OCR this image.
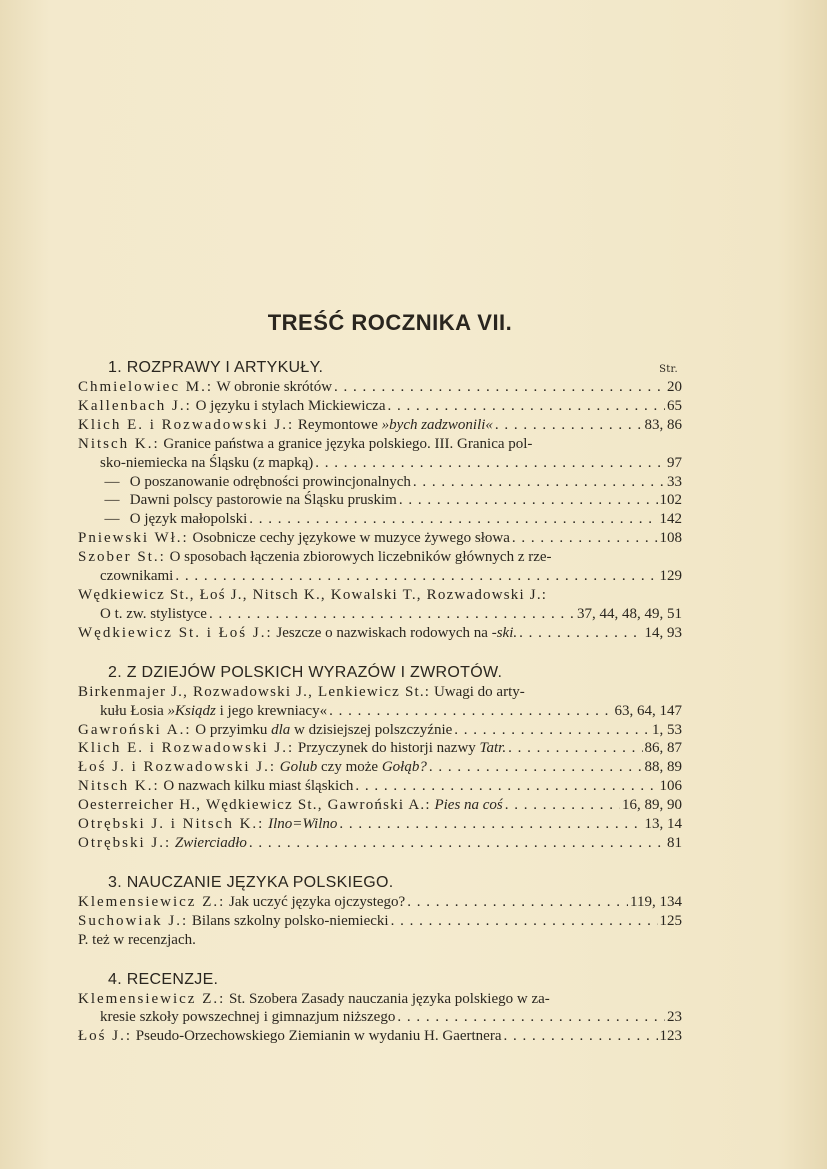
TREŚĆ ROCZNIKA VII.
1. ROZPRAWY I ARTYKUŁY.	Str.
Chmielowiec M.: W obronie skrótów . . .	20
Kallenbach J.: O języku i stylach Mickiewicza . . .	65
Klich E. i Rozwadowski J.: Reymontowe »bych zadzwonili« . . .	83, 86
Nitsch K.: Granice państwa a granice języka polskiego. III. Granica pol-
sko-niemiecka na Śląsku (z mapką) . . .	97
— O poszanowanie odrębności prowincjonalnych . . .	33
— Dawni polscy pastorowie na Śląsku pruskim . . .	102
— O język małopolski . . .	142
Pniewski Wł.: Osobnicze cechy językowe w muzyce żywego słowa . . .	108
Szober St.: O sposobach łączenia zbiorowych liczebników głównych z rze-
czownikami . . .	129
Wędkiewicz St., Łoś J., Nitsch K., Kowalski T., Rozwadowski J.:
O t. zw. stylistyce . . .	37, 44, 48, 49, 51
Wędkiewicz St. i Łoś J.: Jeszcze o nazwiskach rodowych na -ski. . . .	14, 93
2. Z DZIEJÓW POLSKICH WYRAZÓW I ZWROTÓW.
Birkenmajer J., Rozwadowski J., Lenkiewicz St.: Uwagi do arty-
kułu Łosia »Ksiądz i jego krewniacy« . . .	63, 64, 147
Gawroński A.: O przyimku dla w dzisiejszej polszczyźnie . . .	1, 53
Klich E. i Rozwadowski J.: Przyczynek do historji nazwy Tatr. . . .	86, 87
Łoś J. i Rozwadowski J.: Golub czy może Gołąb? . . .	88, 89
Nitsch K.: O nazwach kilku miast śląskich . . .	106
Oesterreicher H., Wędkiewicz St., Gawroński A.: Pies na coś . . .	16, 89, 90
Otrębski J. i Nitsch K.: Ilno=Wilno . . .	13, 14
Otrębski J.: Zwierciadło . . .	81
3. NAUCZANIE JĘZYKA POLSKIEGO.
Klemensiewicz Z.: Jak uczyć języka ojczystego? . . .	119, 134
Suchowiak J.: Bilans szkolny polsko-niemiecki . . .	125
P. też w recenzjach.
4. RECENZJE.
Klemensiewicz Z.: St. Szobera Zasady nauczania języka polskiego w za-
kresie szkoły powszechnej i gimnazjum niższego . . .	23
Łoś J.: Pseudo-Orzechowskiego Ziemianin w wydaniu H. Gaertnera . . .	123
